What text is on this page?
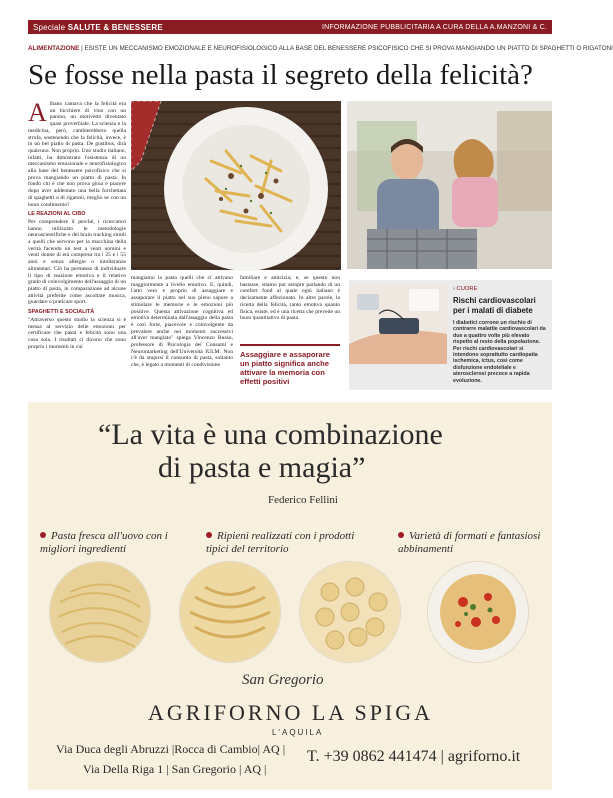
Speciale SALUTE & BENESSERE	INFORMAZIONE PUBBLICITARIA A CURA DELLA A.MANZONI & C.
ALIMENTAZIONE | ESISTE UN MECCANISMO EMOZIONALE E NEUROFISIOLOGICO ALLA BASE DEL BENESSERE PSICOFISICO CHE SI PROVA MANGIANDO UN PIATTO DI SPAGHETTI O RIGATONI
Se fosse nella pasta il segreto della felicità?

Albano cantava che la felicità era un bicchiere di vino con un panino, un motivetto diventato quasi proverbiale. La scienza e la medicina, però, cambierebbero quella strofa, sostenendo che la felicità, invece, è in un bel piatto di pasta. De gustibus, dirà qualcuno. Non proprio. Uno studio italiano, infatti, ha dimostrato l'esistenza di un meccanismo emozionale e neurofisiologico alla base del benessere psicofisico che si prova mangiando un piatto di pasta. In fondo chi è che non prova gioia e piacere dopo aver addentato una bella forchettata di spaghetti o di rigatoni, meglio se con un buon condimento?

LE REAZIONI AL CIBO

Per comprendere il perché, i ricercatori hanno utilizzato le metodologie neuroscientifiche e del brain tracking simili a quelli che servono per la macchina della verità facendo un test a venti uomini e venti donne di età compresa tra i 25 e i 55 anni e senza allergie o intolleranze alimentari. Ciò ha permesso di individuare il tipo di reazione emotiva e il relativo grado di coinvolgimento dell'assaggio di un piatto di pasta, in comparazione ad alcune attività preferite come ascoltare musica, guardare o praticare sport.

SPAGHETTI E SOCIALITÀ

"Attraverso questo studio la scienza si è messa al servizio delle emozioni per certificare che pasta e felicità sono una cosa sola. I risultati ci dicono che sono proprio i momenti in cui

mangiamo la pasta quelli che ci attivano maggiormente a livello emotivo. E, quindi, l'atto vero e proprio di assaggiare e assaporare il piatto nel suo pieno sapore a stimolare le memorie e le emozioni più positive. Questa attivazione cognitiva ed emotiva determinata dall'assaggio della pasta è così forte, piacevole e coinvolgente da prevalere anche nei momenti successivi all'aver mangiato" spiega Vincenzo Russo, professore di Psicologia dei Consumi e Neuromarketing dell'Università IULM. Non c'è da stupirsi il consumo di pasta, soltanto che, è legato a momenti di condivisione

familiare e amicizia; e, se questo non bastasse, stiamo pur sempre parlando di un comfort food al quale ogni italiano è decisamente affezionato. In altre parole, la ricetta della felicità, tanto emotiva quanto fisica, esiste; ed è una ricetta che prevede un buon quantitativo di pasta.

Assaggiare e assaporare un piatto significa anche attivare la memoria con effetti positivi
› CUORE
Rischi cardiovascolari per i malati di diabete
I diabetici corrono un rischio di contrarre malattie cardiovascolari da due a quattro volte più elevato rispetto al resto della popolazione. Per rischi cardiovascolari si intendono soprattutto cardiopatia ischemica, ictus, così come disfunzione endoteliale e aterosclerosi precoce a rapida evoluzione.
“La vita è una combinazione
di pasta e magia”
Federico Fellini
Pasta fresca all'uovo con i migliori ingredienti
Ripieni realizzati con i prodotti tipici del territorio
Varietà di formati e fantasiosi abbinamenti
San Gregorio
AGRIFORNO LA SPIGA
L'AQUILA
Via Duca degli Abruzzi |Rocca di Cambio| AQ |
Via Della Riga 1 | San Gregorio | AQ |
T. +39 0862 441474 | agriforno.it
